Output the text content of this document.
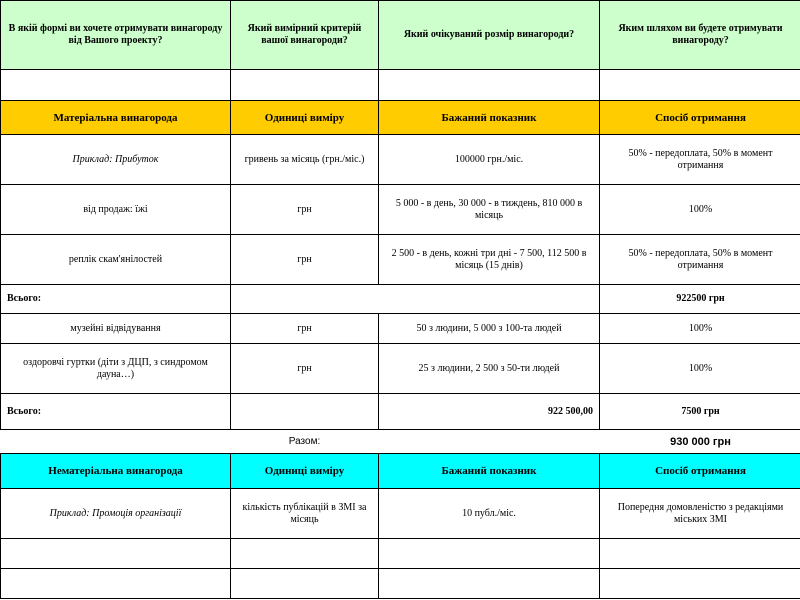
В якій формі ви хочете отримувати винагороду від Вашого проекту?	Який вимірний критерій вашої винагороди?	Який очікуваний розмір винагороди?	Яким шляхом ви будете отримувати винагороду?

Матеріальна винагорода	Одиниці виміру	Бажаний показник	Спосіб отримання
Приклад: Прибуток	гривень за місяць (грн./міс.)	100000 грн./міс.	50% - передоплата, 50% в момент отримання
від продаж: їжі	грн	5 000 - в день, 30 000 - в тиждень, 810 000 в місяць	100%
реплік скам'янілостей	грн	2 500 - в день, кожні три дні - 7 500, 112 500 в місяць (15 днів)	50% - передоплата, 50% в момент отримання
Всього:			922500 грн
музейні відвідування	грн	50 з людини, 5 000 з 100-та людей	100%
оздоровчі гуртки (діти з ДЦП, з синдромом дауна…)	грн	25 з людини, 2 500 з 50-ти людей	100%
Всього:		922 500,00	7500 грн
	Разом:		930 000 грн
Нематеріальна винагорода	Одиниці виміру	Бажаний показник	Спосіб отримання
Приклад: Промоція організації	кількість публікацій в ЗМІ за місяць	10 публ./міс.	Попередня домовленістю з редакціями міських ЗМІ
